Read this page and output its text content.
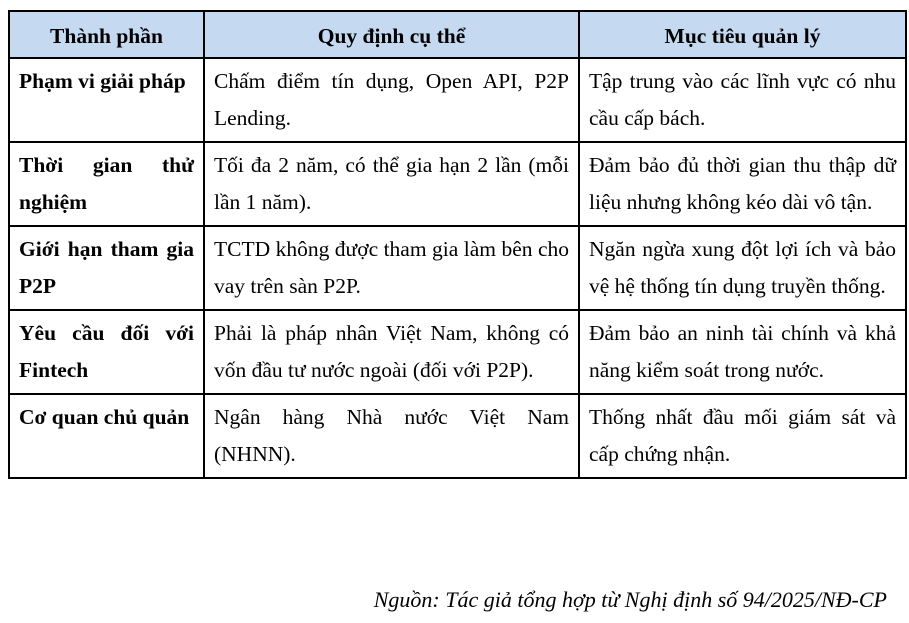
Thành phần	Quy định cụ thể	Mục tiêu quản lý
Phạm vi giải pháp	Chấm điểm tín dụng, Open API, P2P Lending.	Tập trung vào các lĩnh vực có nhu cầu cấp bách.
Thời gian thử nghiệm	Tối đa 2 năm, có thể gia hạn 2 lần (mỗi lần 1 năm).	Đảm bảo đủ thời gian thu thập dữ liệu nhưng không kéo dài vô tận.
Giới hạn tham gia P2P	TCTD không được tham gia làm bên cho vay trên sàn P2P.	Ngăn ngừa xung đột lợi ích và bảo vệ hệ thống tín dụng truyền thống.
Yêu cầu đối với Fintech	Phải là pháp nhân Việt Nam, không có vốn đầu tư nước ngoài (đối với P2P).	Đảm bảo an ninh tài chính và khả năng kiểm soát trong nước.
Cơ quan chủ quản	Ngân hàng Nhà nước Việt Nam (NHNN).	Thống nhất đầu mối giám sát và cấp chứng nhận.
Nguồn: Tác giả tổng hợp từ Nghị định số 94/2025/NĐ-CP
